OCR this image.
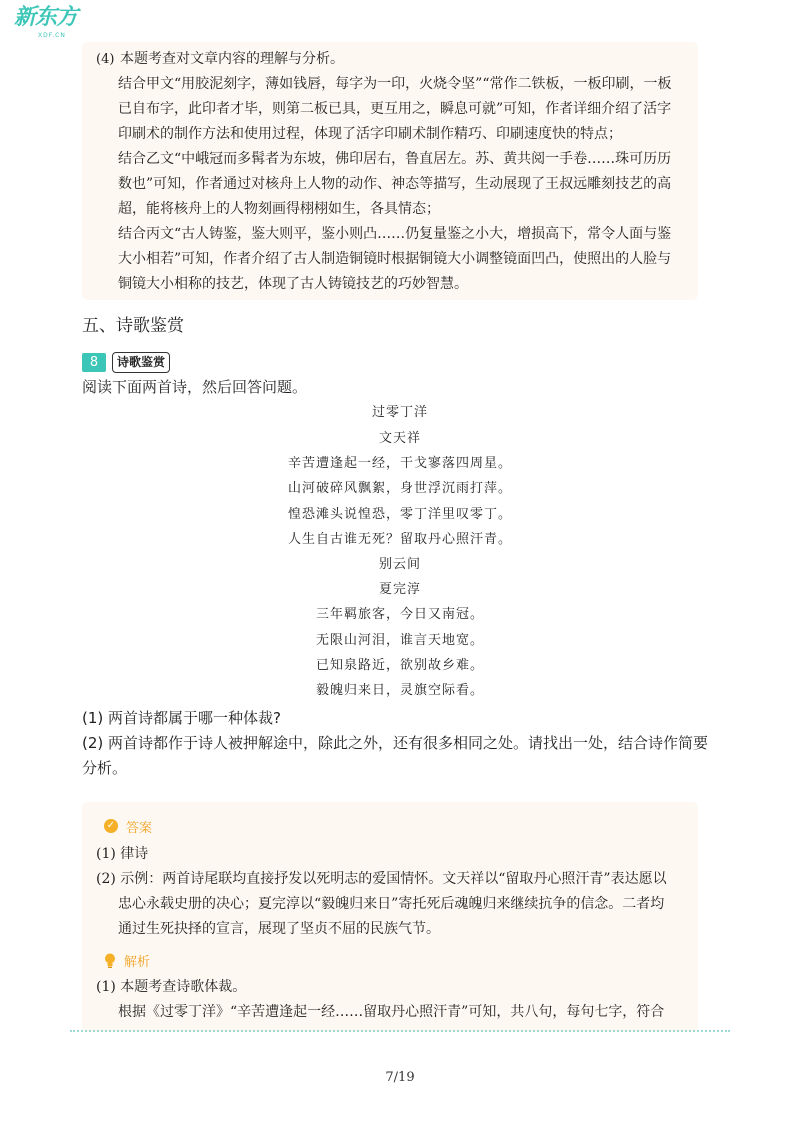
新东方
XDF.CN
(4) 本题考查对文章内容的理解与分析。
结合甲文“用胶泥刻字，薄如钱唇，每字为一印，火烧令坚”“常作二铁板，一板印刷，一板
已自布字，此印者才毕，则第二板已具，更互用之，瞬息可就”可知，作者详细介绍了活字
印刷术的制作方法和使用过程，体现了活字印刷术制作精巧、印刷速度快的特点；
结合乙文“中峨冠而多髯者为东坡，佛印居右，鲁直居左。苏、黄共阅一手卷……珠可历历
数也”可知，作者通过对核舟上人物的动作、神态等描写，生动展现了王叔远雕刻技艺的高
超，能将核舟上的人物刻画得栩栩如生，各具情态；
结合丙文“古人铸鉴，鉴大则平，鉴小则凸……仍复量鉴之小大，增损高下，常令人面与鉴
大小相若”可知，作者介绍了古人制造铜镜时根据铜镜大小调整镜面凹凸，使照出的人脸与
铜镜大小相称的技艺，体现了古人铸镜技艺的巧妙智慧。
五、诗歌鉴赏
8	诗歌鉴赏
阅读下面两首诗，然后回答问题。
过零丁洋
文天祥
辛苦遭逢起一经，干戈寥落四周星。
山河破碎风飘絮，身世浮沉雨打萍。
惶恐滩头说惶恐，零丁洋里叹零丁。
人生自古谁无死？留取丹心照汗青。
别云间
夏完淳
三年羁旅客，今日又南冠。
无限山河泪，谁言天地宽。
已知泉路近，欲别故乡难。
毅魄归来日，灵旗空际看。
(1) 两首诗都属于哪一种体裁?
(2) 两首诗都作于诗人被押解途中，除此之外，还有很多相同之处。请找出一处，结合诗作简要
分析。
✓ 答案
(1) 律诗
(2) 示例：两首诗尾联均直接抒发以死明志的爱国情怀。文天祥以“留取丹心照汗青”表达愿以
忠心永载史册的决心；夏完淳以“毅魄归来日”寄托死后魂魄归来继续抗争的信念。二者均
通过生死抉择的宣言，展现了坚贞不屈的民族气节。
解析
(1) 本题考查诗歌体裁。
根据《过零丁洋》“辛苦遭逢起一经……留取丹心照汗青”可知，共八句，每句七字，符合
7/19
